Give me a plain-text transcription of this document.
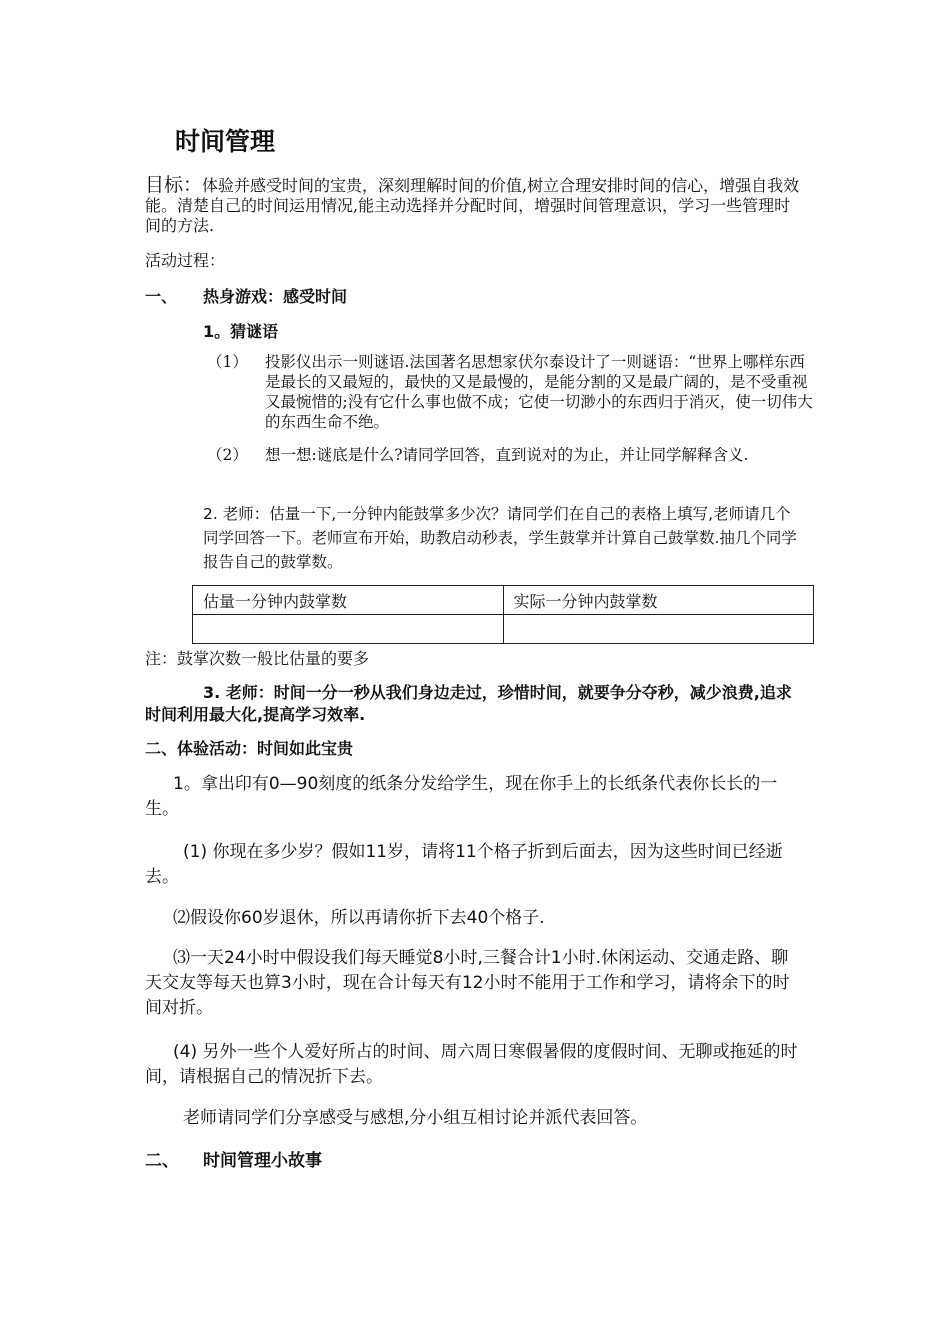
时间管理

目标：体验并感受时间的宝贵，深刻理解时间的价值,树立合理安排时间的信心，增强自我效能。清楚自己的时间运用情况,能主动选择并分配时间，增强时间管理意识，学习一些管理时间的方法.

活动过程：
一、	热身游戏：感受时间
1。猜谜语
（1）	投影仪出示一则谜语.法国著名思想家伏尔泰设计了一则谜语：“世界上哪样东西是最长的又最短的，最快的又是最慢的，是能分割的又是最广阔的，是不受重视又最惋惜的;没有它什么事也做不成；它使一切渺小的东西归于消灭，使一切伟大的东西生命不绝。
（2）	想一想:谜底是什么?请同学回答，直到说对的为止，并让同学解释含义.

2. 老师：估量一下,一分钟内能鼓掌多少次？请同学们在自己的表格上填写,老师请几个同学回答一下。老师宣布开始，助教启动秒表，学生鼓掌并计算自己鼓掌数.抽几个同学报告自己的鼓掌数。

估量一分钟内鼓掌数	实际一分钟内鼓掌数

注：鼓掌次数一般比估量的要多

3. 老师：时间一分一秒从我们身边走过，珍惜时间，就要争分夺秒，减少浪费,追求时间利用最大化,提高学习效率.

二、体验活动：时间如此宝贵

1。拿出印有0—90刻度的纸条分发给学生，现在你手上的长纸条代表你长长的一生。

(1) 你现在多少岁？假如11岁，请将11个格子折到后面去，因为这些时间已经逝去。

⑵假设你60岁退休，所以再请你折下去40个格子.

⑶一天24小时中假设我们每天睡觉8小时,三餐合计1小时.休闲运动、交通走路、聊天交友等每天也算3小时，现在合计每天有12小时不能用于工作和学习，请将余下的时间对折。

(4) 另外一些个人爱好所占的时间、周六周日寒假暑假的度假时间、无聊或拖延的时间，请根据自己的情况折下去。

老师请同学们分享感受与感想,分小组互相讨论并派代表回答。

二、	时间管理小故事
